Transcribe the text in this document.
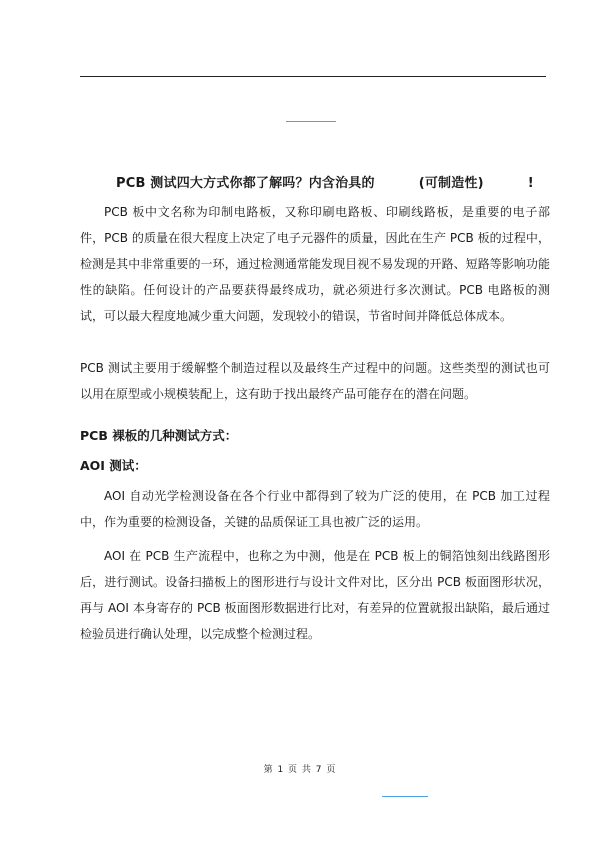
PCB 测试四大方式你都了解吗？内含治具的	(可制造性)	!
PCB 板中文名称为印制电路板，又称印刷电路板、印刷线路板，是重要的电子部件，PCB 的质量在很大程度上决定了电子元器件的质量，因此在生产 PCB 板的过程中，检测是其中非常重要的一环，通过检测通常能发现目视不易发现的开路、短路等影响功能性的缺陷。任何设计的产品要获得最终成功，就必须进行多次测试。PCB 电路板的测试，可以最大程度地减少重大问题，发现较小的错误，节省时间并降低总体成本。
PCB 测试主要用于缓解整个制造过程以及最终生产过程中的问题。这些类型的测试也可以用在原型或小规模装配上，这有助于找出最终产品可能存在的潜在问题。
PCB 裸板的几种测试方式：
AOI 测试：
AOI 自动光学检测设备在各个行业中都得到了较为广泛的使用，在 PCB 加工过程中，作为重要的检测设备，关键的品质保证工具也被广泛的运用。
AOI 在 PCB 生产流程中，也称之为中测，他是在 PCB 板上的铜箔蚀刻出线路图形后，进行测试。设备扫描板上的图形进行与设计文件对比，区分出 PCB 板面图形状况，再与 AOI 本身寄存的 PCB 板面图形数据进行比对，有差异的位置就报出缺陷，最后通过检验员进行确认处理，以完成整个检测过程。
第 1 页 共 7 页
